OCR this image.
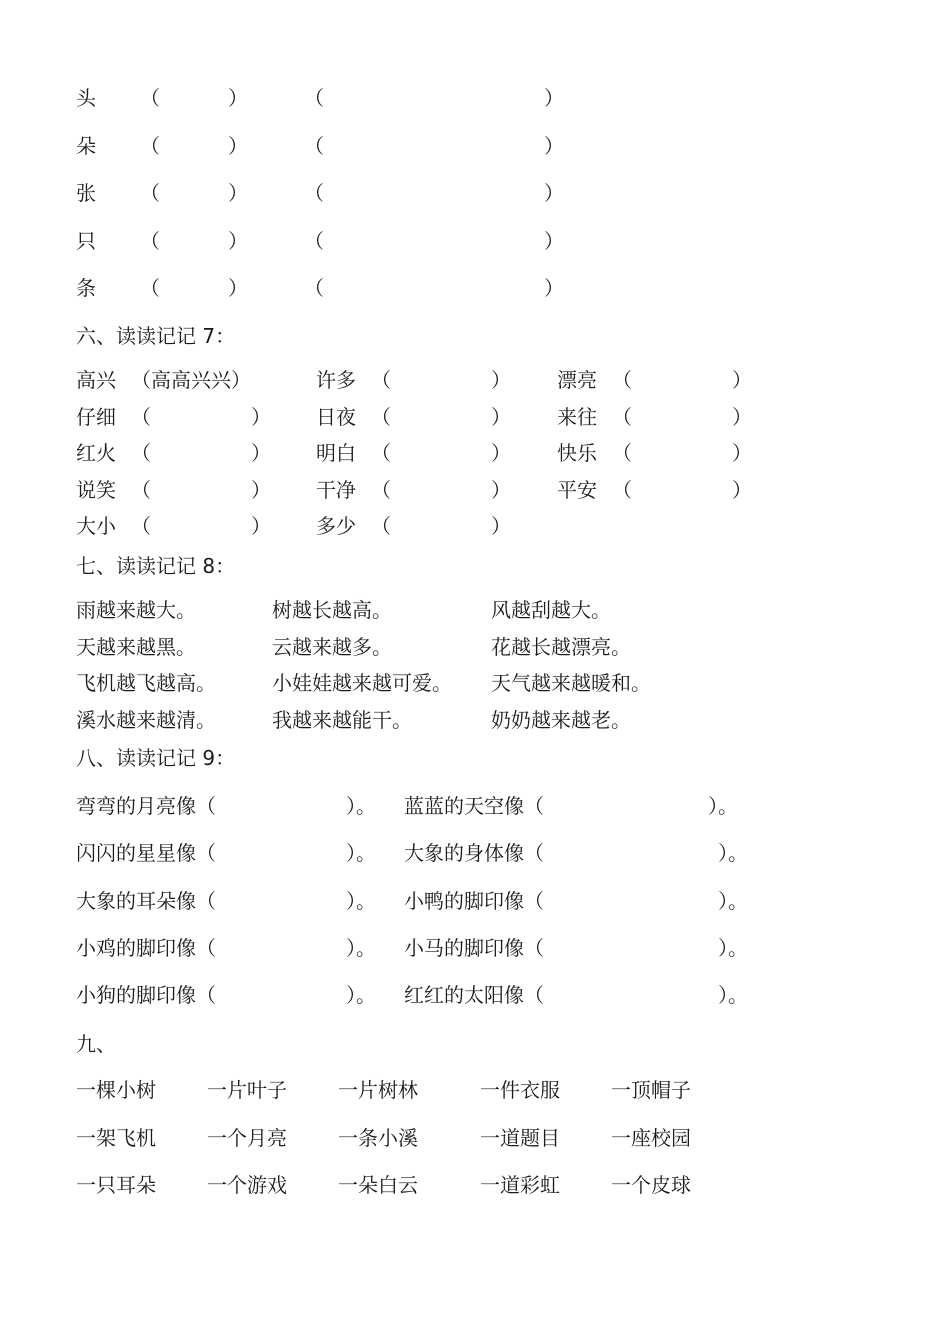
头 （	）	（	）
朵 （	）	（	）
张 （	）	（	）
只 （	）	（	）
条 （	）	（	）
六、读读记记 7：
高兴 （高高兴兴）	许多 （	） 漂亮 （	）
仔细 （	） 日夜 （	） 来往 （	）
红火 （	） 明白 （	） 快乐 （	）
说笑 （	） 干净 （	） 平安 （	）
大小 （	） 多少 （	）
七、读读记记 8：
雨越来越大。	树越长越高。	风越刮越大。
天越来越黑。	云越来越多。	花越长越漂亮。
飞机越飞越高。	小娃娃越来越可爱。 天气越来越暖和。
溪水越来越清。	我越来越能干。	奶奶越来越老。
八、读读记记 9：
弯弯的月亮像（	）。 蓝蓝的天空像（	）。
闪闪的星星像（	）。 大象的身体像（	）。
大象的耳朵像（	）。 小鸭的脚印像（	）。
小鸡的脚印像（	）。 小马的脚印像（	）。
小狗的脚印像（	）。 红红的太阳像（	）。
九、
一棵小树	一片叶子	一片树林	一件衣服	一顶帽子
一架飞机	一个月亮	一条小溪	一道题目	一座校园
一只耳朵	一个游戏	一朵白云	一道彩虹	一个皮球
